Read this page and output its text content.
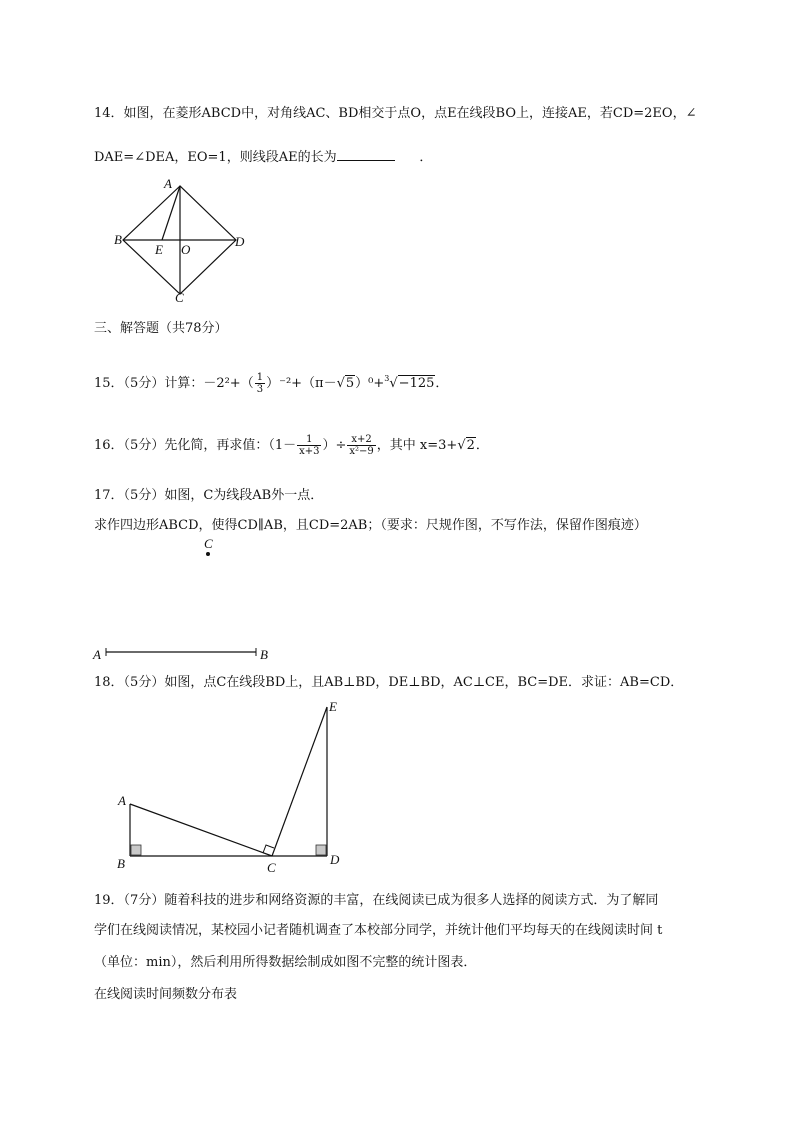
14．如图，在菱形ABCD中，对角线AC、BD相交于点O，点E在线段BO上，连接AE，若CD=2EO，∠
DAE=∠DEA，EO=1，则线段AE的长为	．
A
B
C
D
E O
三、解答题（共78分）
15．（5分）计算：$-2^2+( \frac{1}{3} )^{-2}+(\pi-√5)^0+^3√-125$．
16．（5分）先化简，再求值：（$1- \frac{1}{x+3}$ ）÷ $\frac{x+2}{\text{x²−9}}$ ，其中 x=3+√2．
17．（5分）如图，C为线段AB外一点．
求作四边形ABCD，使得CD∥AB，且CD=2AB；（要求：尺规作图，不写作法，保留作图痕迹）
C
A	B
18．（5分）如图，点C在线段BD上，且AB⊥BD，DE⊥BD，AC⊥CE，BC=DE．求证：AB=CD．
A
B	C
D
E
19．（7分）随着科技的进步和网络资源的丰富，在线阅读已成为很多人选择的阅读方式．为了解同
学们在线阅读情况，某校园小记者随机调查了本校部分同学，并统计他们平均每天的在线阅读时间 t
（单位：min），然后利用所得数据绘制成如图不完整的统计图表．
在线阅读时间频数分布表
